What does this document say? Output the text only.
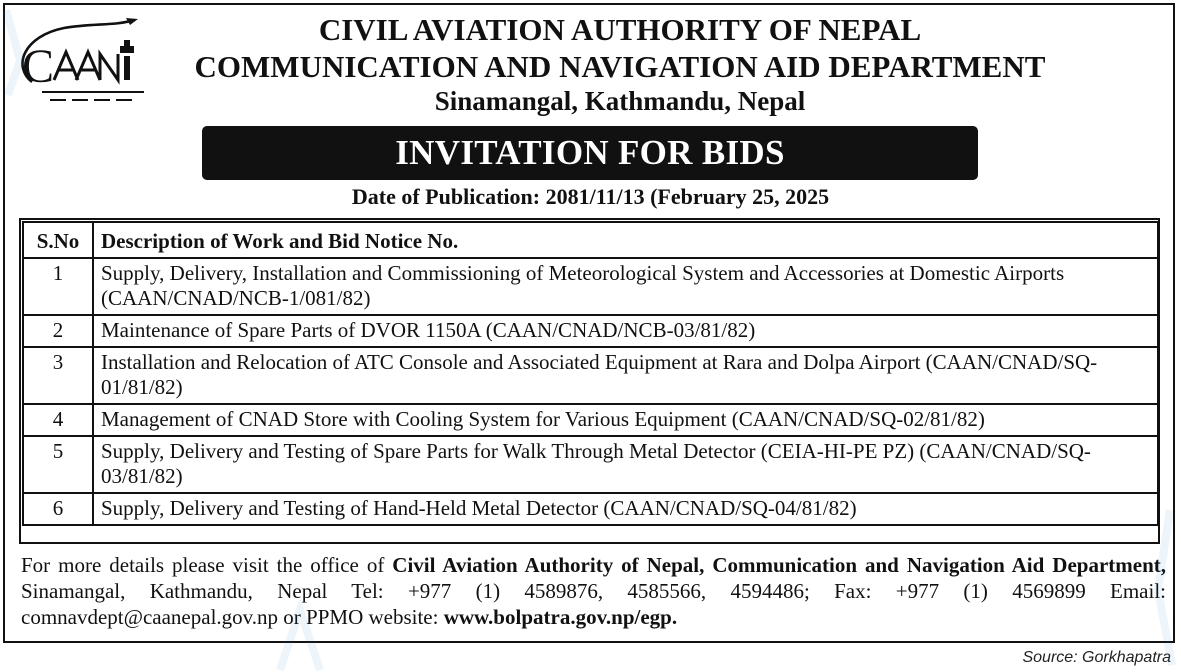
C
CIVIL AVIATION AUTHORITY OF NEPAL
COMMUNICATION AND NAVIGATION AID DEPARTMENT
Sinamangal, Kathmandu, Nepal
INVITATION FOR BIDS
Date of Publication: 2081/11/13 (February 25, 2025
S.No	Description of Work and Bid Notice No.
1	Supply, Delivery, Installation and Commissioning of Meteorological System and Accessories at Domestic Airports (CAAN/CNAD/NCB-1/081/82)
2	Maintenance of Spare Parts of DVOR 1150A (CAAN/CNAD/NCB-03/81/82)
3	Installation and Relocation of ATC Console and Associated Equipment at Rara and Dolpa Airport (CAAN/CNAD/SQ-01/81/82)
4	Management of CNAD Store with Cooling System for Various Equipment (CAAN/CNAD/SQ-02/81/82)
5	Supply, Delivery and Testing of Spare Parts for Walk Through Metal Detector (CEIA-HI-PE PZ) (CAAN/CNAD/SQ-03/81/82)
6	Supply, Delivery and Testing of Hand-Held Metal Detector (CAAN/CNAD/SQ-04/81/82)
For more details please visit the office of Civil Aviation Authority of Nepal, Communication and Navigation Aid Department, Sinamangal, Kathmandu, Nepal Tel: +977 (1) 4589876, 4585566, 4594486; Fax: +977 (1) 4569899 Email: comnavdept@caanepal.gov.np or PPMO website: www.bolpatra.gov.np/egp.
Source: Gorkhapatra
